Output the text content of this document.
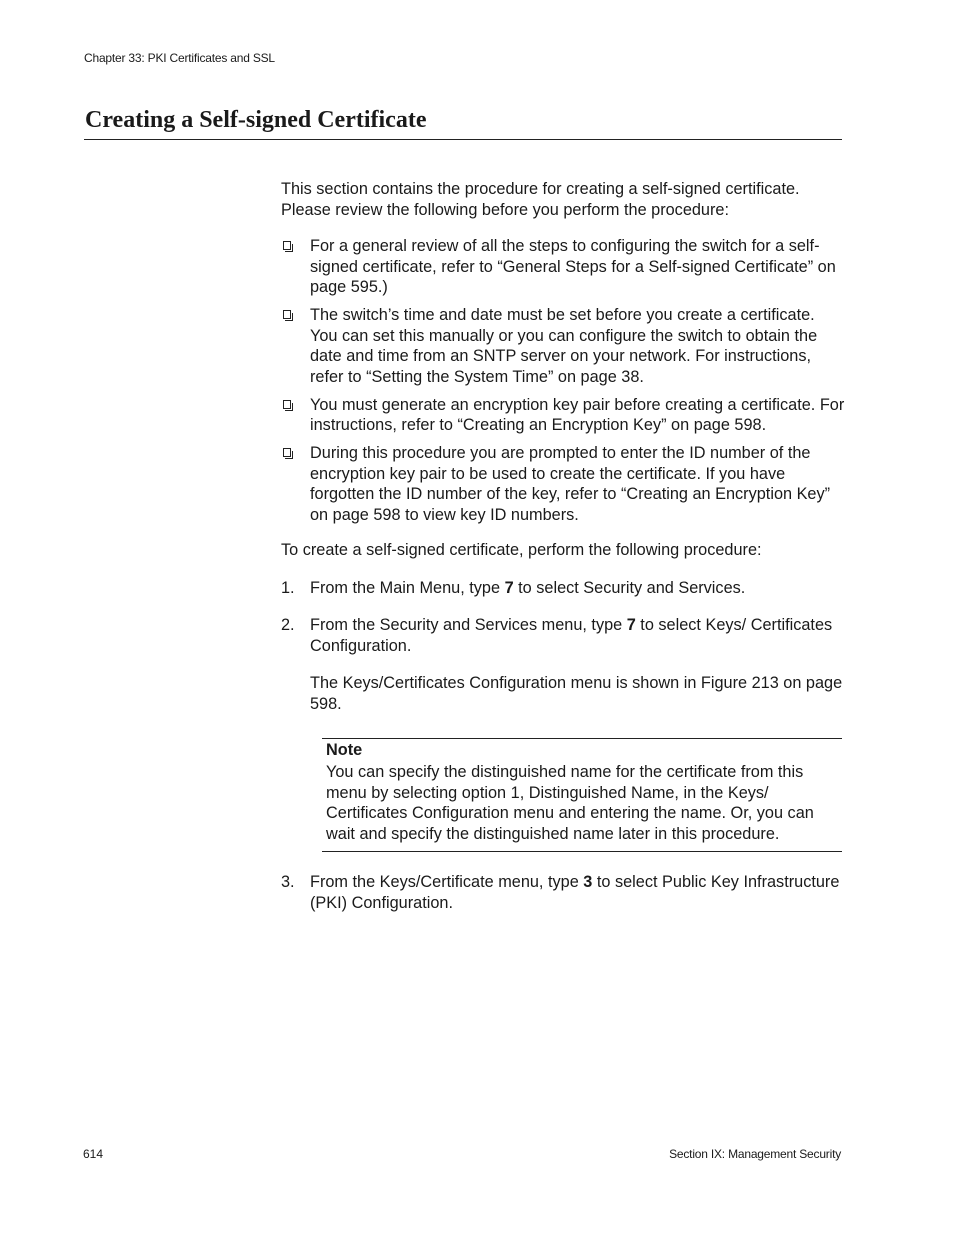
Chapter 33: PKI Certificates and SSL
Creating a Self-signed Certificate

This section contains the procedure for creating a self-signed certificate. Please review the following before you perform the procedure:

For a general review of all the steps to configuring the switch for a self-signed certificate, refer to “General Steps for a Self-signed Certificate” on page 595.)
The switch’s time and date must be set before you create a certificate. You can set this manually or you can configure the switch to obtain the date and time from an SNTP server on your network. For instructions, refer to “Setting the System Time” on page 38.
You must generate an encryption key pair before creating a certificate. For instructions, refer to “Creating an Encryption Key” on page 598.
During this procedure you are prompted to enter the ID number of the encryption key pair to be used to create the certificate. If you have forgotten the ID number of the key, refer to “Creating an Encryption Key” on page 598 to view key ID numbers.

To create a self-signed certificate, perform the following procedure:

1. From the Main Menu, type 7 to select Security and Services.
2. From the Security and Services menu, type 7 to select Keys/ Certificates Configuration.
The Keys/Certificates Configuration menu is shown in Figure 213 on page 598.
Note
You can specify the distinguished name for the certificate from this menu by selecting option 1, Distinguished Name, in the Keys/ Certificates Configuration menu and entering the name. Or, you can wait and specify the distinguished name later in this procedure.
3. From the Keys/Certificate menu, type 3 to select Public Key Infrastructure (PKI) Configuration.
614	Section IX: Management Security
